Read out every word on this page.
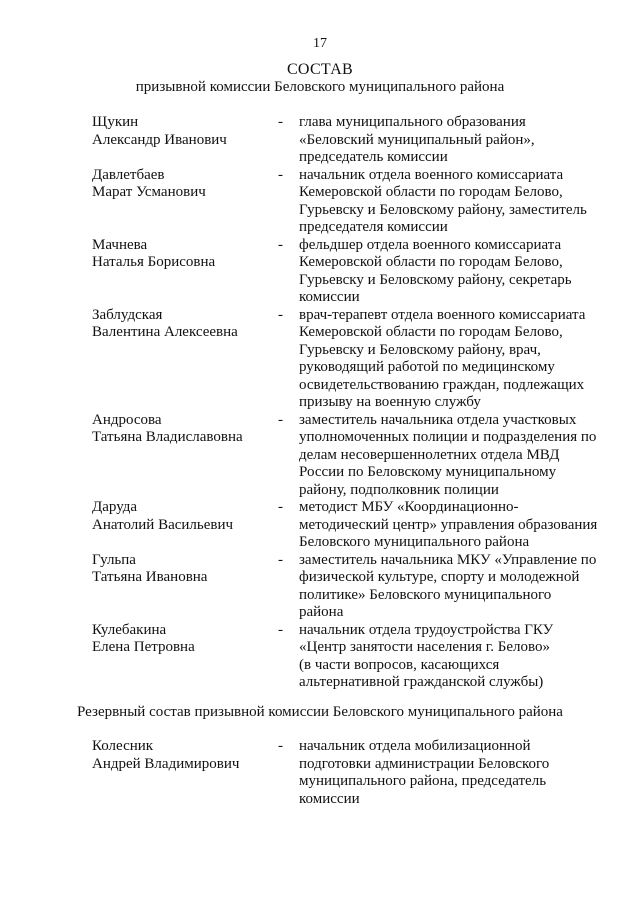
17
СОСТАВ
призывной комиссии Беловского муниципального района
Щукин
Александр Иванович
- глава муниципального образования
«Беловский муниципальный район»,
председатель комиссии
Давлетбаев
Марат Усманович
- начальник отдела военного комиссариата
Кемеровской области по городам Белово,
Гурьевску и Беловскому району, заместитель
председателя комиссии
Мачнева
Наталья Борисовна
- фельдшер отдела военного комиссариата
Кемеровской области по городам Белово,
Гурьевску и Беловскому району, секретарь
комиссии
Заблудская
Валентина Алексеевна
- врач-терапевт отдела военного комиссариата
Кемеровской области по городам Белово,
Гурьевску и Беловскому району, врач,
руководящий работой по медицинскому
освидетельствованию граждан, подлежащих
призыву на военную службу
Андросова
Татьяна Владиславовна
- заместитель начальника отдела участковых
уполномоченных полиции и подразделения по
делам несовершеннолетних отдела МВД
России по Беловскому муниципальному
району, подполковник полиции
Даруда
Анатолий Васильевич
- методист МБУ «Координационно-
методический центр» управления образования
Беловского муниципального района
Гульпа
Татьяна Ивановна
- заместитель начальника МКУ «Управление по
физической культуре, спорту и молодежной
политике» Беловского муниципального
района
Кулебакина
Елена Петровна
- начальник отдела трудоустройства ГКУ
«Центр занятости населения г. Белово»
(в части вопросов, касающихся
альтернативной гражданской службы)
Резервный состав призывной комиссии Беловского муниципального района
Колесник
Андрей Владимирович
- начальник отдела мобилизационной
подготовки администрации Беловского
муниципального района, председатель
комиссии
